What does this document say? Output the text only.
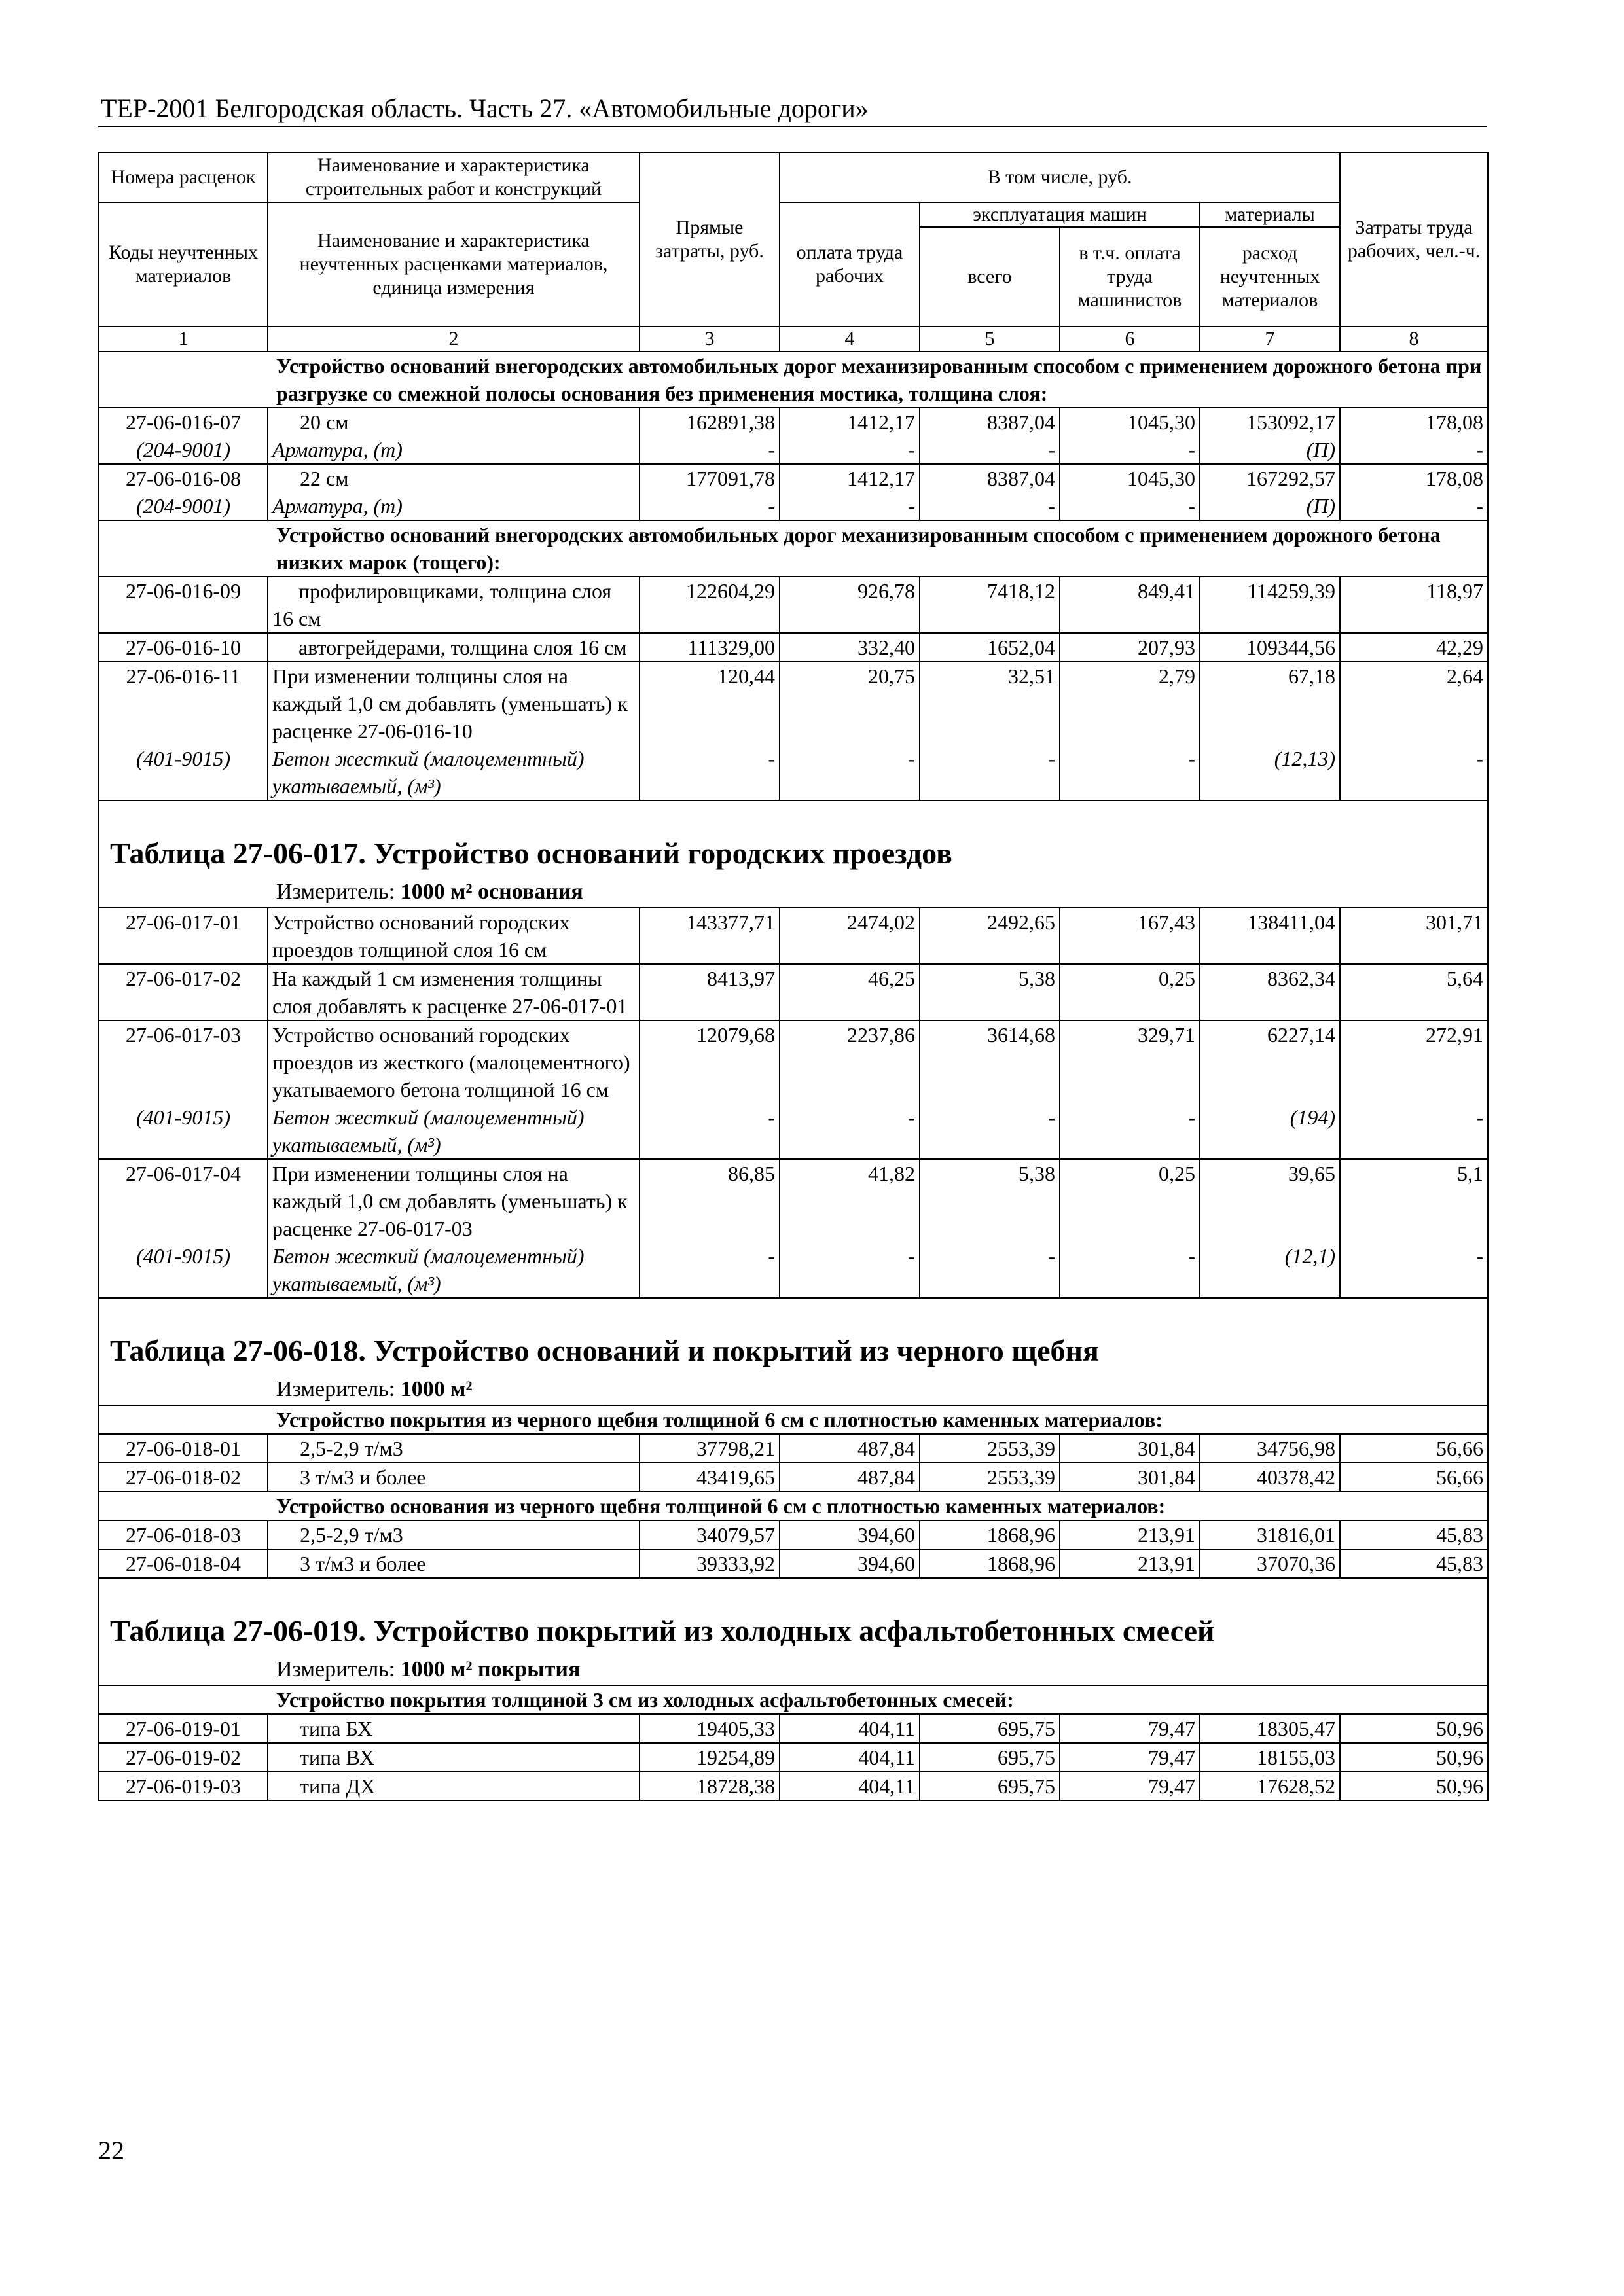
ТЕР-2001 Белгородская область. Часть 27. «Автомобильные дороги»
Номера расценок	Наименование и характеристика строительных работ и конструкций	Прямые затраты, руб.	В том числе, руб.				Затраты труда рабочих, чел.-ч.
Коды неучтенных материалов	Наименование и характеристика неучтенных расценками материалов, единица измерения		оплата труда рабочих	эксплуатация машин		материалы	
				всего	в т.ч. оплата труда машинистов	расход неучтенных материалов	
1	2	3	4	5	6	7	8
Устройство оснований внегородских автомобильных дорог механизированным способом с применением дорожного бетона при разгрузке со смежной полосы основания без применения мостика, толщина слоя:							
27-06-016-07	20 см	162891,38	1412,17	8387,04	1045,30	153092,17	178,08
(204-9001)	Арматура, (т)	-	-	-	-	(П)	-
27-06-016-08	22 см	177091,78	1412,17	8387,04	1045,30	167292,57	178,08
(204-9001)	Арматура, (т)	-	-	-	-	(П)	-
Устройство оснований внегородских автомобильных дорог механизированным способом с применением дорожного бетона низких марок (тощего):							
27-06-016-09	профилировщиками, толщина слоя 16 см	122604,29	926,78	7418,12	849,41	114259,39	118,97
27-06-016-10	автогрейдерами, толщина слоя 16 см	111329,00	332,40	1652,04	207,93	109344,56	42,29
27-06-016-11	При изменении толщины слоя на каждый 1,0 см добавлять (уменьшать) к расценке 27-06-016-10	120,44	20,75	32,51	2,79	67,18	2,64
(401-9015)	Бетон жесткий (малоцементный) укатываемый, (м³)	-	-	-	-	(12,13)	-
Таблица 27-06-017. Устройство оснований городских проездов							
Измеритель: 1000 м² основания							
27-06-017-01	Устройство оснований городских проездов толщиной слоя 16 см	143377,71	2474,02	2492,65	167,43	138411,04	301,71
27-06-017-02	На каждый 1 см изменения толщины слоя добавлять к расценке 27-06-017-01	8413,97	46,25	5,38	0,25	8362,34	5,64
27-06-017-03	Устройство оснований городских проездов из жесткого (малоцементного) укатываемого бетона толщиной 16 см	12079,68	2237,86	3614,68	329,71	6227,14	272,91
(401-9015)	Бетон жесткий (малоцементный) укатываемый, (м³)	-	-	-	-	(194)	-
27-06-017-04	При изменении толщины слоя на каждый 1,0 см добавлять (уменьшать) к расценке 27-06-017-03	86,85	41,82	5,38	0,25	39,65	5,1
(401-9015)	Бетон жесткий (малоцементный) укатываемый, (м³)	-	-	-	-	(12,1)	-
Таблица 27-06-018. Устройство оснований и покрытий из черного щебня							
Измеритель: 1000 м²							
Устройство покрытия из черного щебня толщиной 6 см с плотностью каменных материалов:							
27-06-018-01	2,5-2,9 т/м3	37798,21	487,84	2553,39	301,84	34756,98	56,66
27-06-018-02	3 т/м3 и более	43419,65	487,84	2553,39	301,84	40378,42	56,66
Устройство основания из черного щебня толщиной 6 см с плотностью каменных материалов:							
27-06-018-03	2,5-2,9 т/м3	34079,57	394,60	1868,96	213,91	31816,01	45,83
27-06-018-04	3 т/м3 и более	39333,92	394,60	1868,96	213,91	37070,36	45,83
Таблица 27-06-019. Устройство покрытий из холодных асфальтобетонных смесей							
Измеритель: 1000 м² покрытия							
Устройство покрытия толщиной 3 см из холодных асфальтобетонных смесей:							
27-06-019-01	типа БХ	19405,33	404,11	695,75	79,47	18305,47	50,96
27-06-019-02	типа ВХ	19254,89	404,11	695,75	79,47	18155,03	50,96
27-06-019-03	типа ДХ	18728,38	404,11	695,75	79,47	17628,52	50,96
22
